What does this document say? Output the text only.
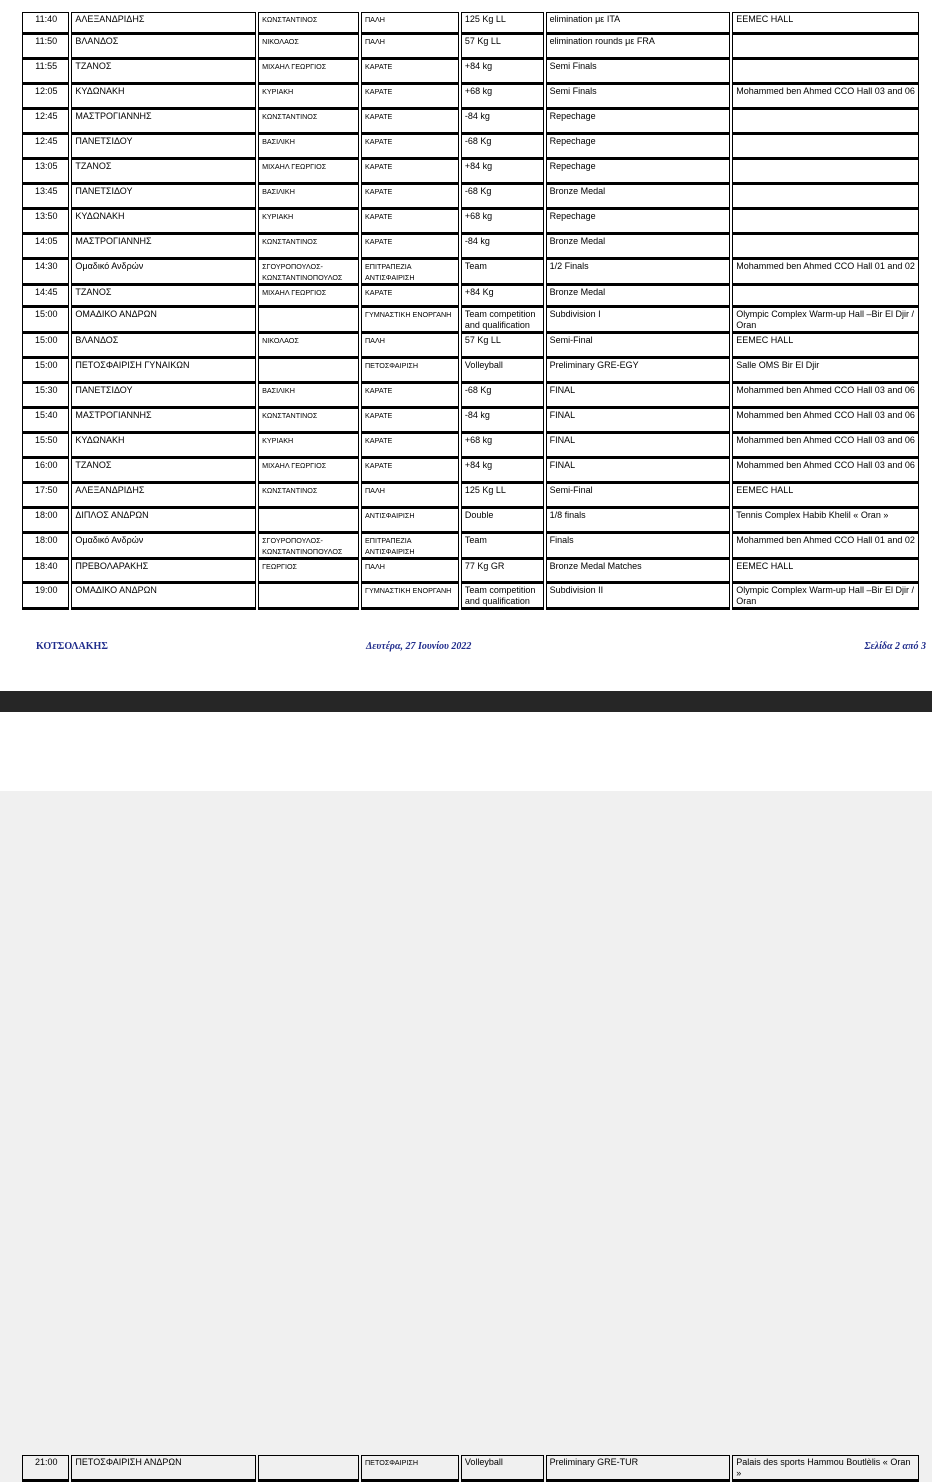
11:40	ΑΛΕΞΑΝΔΡΙΔΗΣ	ΚΩΝΣΤΑΝΤΙΝΟΣ	ΠΑΛΗ	125 Kg LL	elimination με ITA	EEMEC HALL
11:50	ΒΛΑΝΔΟΣ	ΝΙΚΟΛΑΟΣ	ΠΑΛΗ	57 Kg LL	elimination rounds με FRA	
11:55	ΤΖΑΝΟΣ	ΜΙΧΑΗΛ ΓΕΩΡΓΙΟΣ	ΚΑΡΑΤΕ	+84 kg	Semi Finals	
12:05	ΚΥΔΩΝΑΚΗ	ΚΥΡΙΑΚΗ	ΚΑΡΑΤΕ	+68 kg	Semi Finals	Mohammed ben Ahmed CCO Hall 03 and 06
12:45	ΜΑΣΤΡΟΓΙΑΝΝΗΣ	ΚΩΝΣΤΑΝΤΙΝΟΣ	ΚΑΡΑΤΕ	-84 kg	Repechage	
12:45	ΠΑΝΕΤΣΙΔΟΥ	ΒΑΣΙΛΙΚΗ	ΚΑΡΑΤΕ	-68 Kg	Repechage	
13:05	ΤΖΑΝΟΣ	ΜΙΧΑΗΛ ΓΕΩΡΓΙΟΣ	ΚΑΡΑΤΕ	+84 kg	Repechage	
13:45	ΠΑΝΕΤΣΙΔΟΥ	ΒΑΣΙΛΙΚΗ	ΚΑΡΑΤΕ	-68 Kg	Bronze Medal	
13:50	ΚΥΔΩΝΑΚΗ	ΚΥΡΙΑΚΗ	ΚΑΡΑΤΕ	+68 kg	Repechage	
14:05	ΜΑΣΤΡΟΓΙΑΝΝΗΣ	ΚΩΝΣΤΑΝΤΙΝΟΣ	ΚΑΡΑΤΕ	-84 kg	Bronze Medal	
14:30	Ομαδικό Ανδρών	ΣΓΟΥΡΟΠΟΥΛΟΣ-ΚΩΝΣΤΑΝΤΙΝΟΠΟΥΛΟΣ	ΕΠΙΤΡΑΠΕΖΙΑ ΑΝΤΙΣΦΑΙΡΙΣΗ	Team	1/2 Finals	Mohammed ben Ahmed CCO Hall 01 and 02
14:45	ΤΖΑΝΟΣ	ΜΙΧΑΗΛ ΓΕΩΡΓΙΟΣ	ΚΑΡΑΤΕ	+84 Kg	Bronze Medal	
15:00	ΟΜΑΔΙΚΟ ΑΝΔΡΩΝ		ΓΥΜΝΑΣΤΙΚΗ ΕΝΟΡΓΑΝΗ	Team competition and qualification	Subdivision I	Olympic Complex Warm-up Hall –Bir El Djir / Oran
15:00	ΒΛΑΝΔΟΣ	ΝΙΚΟΛΑΟΣ	ΠΑΛΗ	57 Kg LL	Semi-Final	EEMEC HALL
15:00	ΠΕΤΟΣΦΑΙΡΙΣΗ ΓΥΝΑΙΚΩΝ		ΠΕΤΟΣΦΑΙΡΙΣΗ	Volleyball	Preliminary GRE-EGY	Salle OMS Bir El Djir
15:30	ΠΑΝΕΤΣΙΔΟΥ	ΒΑΣΙΛΙΚΗ	ΚΑΡΑΤΕ	-68 Kg	FINAL	Mohammed ben Ahmed CCO Hall 03 and 06
15:40	ΜΑΣΤΡΟΓΙΑΝΝΗΣ	ΚΩΝΣΤΑΝΤΙΝΟΣ	ΚΑΡΑΤΕ	-84 kg	FINAL	Mohammed ben Ahmed CCO Hall 03 and 06
15:50	ΚΥΔΩΝΑΚΗ	ΚΥΡΙΑΚΗ	ΚΑΡΑΤΕ	+68 kg	FINAL	Mohammed ben Ahmed CCO Hall 03 and 06
16:00	ΤΖΑΝΟΣ	ΜΙΧΑΗΛ ΓΕΩΡΓΙΟΣ	ΚΑΡΑΤΕ	+84 kg	FINAL	Mohammed ben Ahmed CCO Hall 03 and 06
17:50	ΑΛΕΞΑΝΔΡΙΔΗΣ	ΚΩΝΣΤΑΝΤΙΝΟΣ	ΠΑΛΗ	125 Kg LL	Semi-Final	EEMEC HALL
18:00	ΔΙΠΛΟΣ ΑΝΔΡΩΝ		ΑΝΤΙΣΦΑΙΡΙΣΗ	Double	1/8 finals	Tennis Complex Habib Khelil « Oran »
18:00	Ομαδικό Ανδρών	ΣΓΟΥΡΟΠΟΥΛΟΣ-ΚΩΝΣΤΑΝΤΙΝΟΠΟΥΛΟΣ	ΕΠΙΤΡΑΠΕΖΙΑ ΑΝΤΙΣΦΑΙΡΙΣΗ	Team	Finals	Mohammed ben Ahmed CCO Hall 01 and 02
18:40	ΠΡΕΒΟΛΑΡΑΚΗΣ	ΓΕΩΡΓΙΟΣ	ΠΑΛΗ	77 Kg GR	Bronze Medal Matches	EEMEC HALL
19:00	ΟΜΑΔΙΚΟ ΑΝΔΡΩΝ		ΓΥΜΝΑΣΤΙΚΗ ΕΝΟΡΓΑΝΗ	Team competition and qualification	Subdivision II	Olympic Complex Warm-up Hall –Bir El Djir / Oran
ΚΟΤΣΟΛΑΚΗΣ	Δευτέρα, 27 Ιουνίου 2022	Σελίδα 2 από 3
21:00	ΠΕΤΟΣΦΑΙΡΙΣΗ ΑΝΔΡΩΝ		ΠΕΤΟΣΦΑΙΡΙΣΗ	Volleyball	Preliminary GRE-TUR	Palais des sports Hammou Boutlèlis « Oran »
